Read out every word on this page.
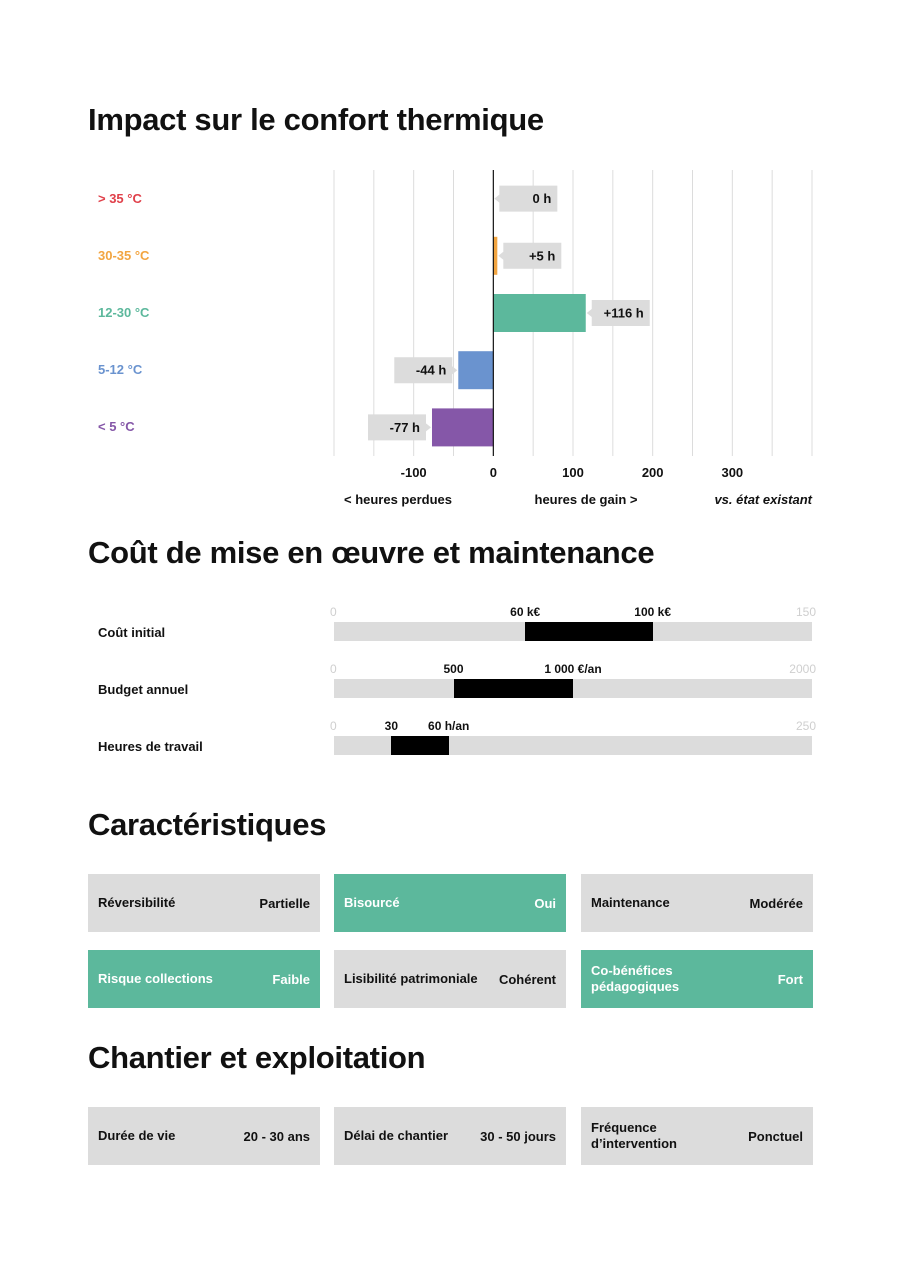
Impact sur le confort thermique
> 35 °C
30-35 °C
12-30 °C
5-12 °C
< 5 °C
0 h
+5 h
+116 h
-44 h
-77 h
-100	0	100	200	300
< heures perdues	heures de gain >	vs. état existant
Coût de mise en œuvre et maintenance
Coût initial
0	150
60 k€	100 k€
Budget annuel
0	2000
500	1 000 €/an
Heures de travail
0	250
30	60 h/an
Caractéristiques
Réversibilité	Partielle	Bisourcé	Oui	Maintenance	Modérée
Risque collections	Faible	Lisibilité patrimoniale Cohérent
Co-bénéfices pédagogiques	Fort
Chantier et exploitation
Durée de vie	20 - 30 ans	Délai de chantier 30 - 50 jours
Fréquence d’intervention	Ponctuel
